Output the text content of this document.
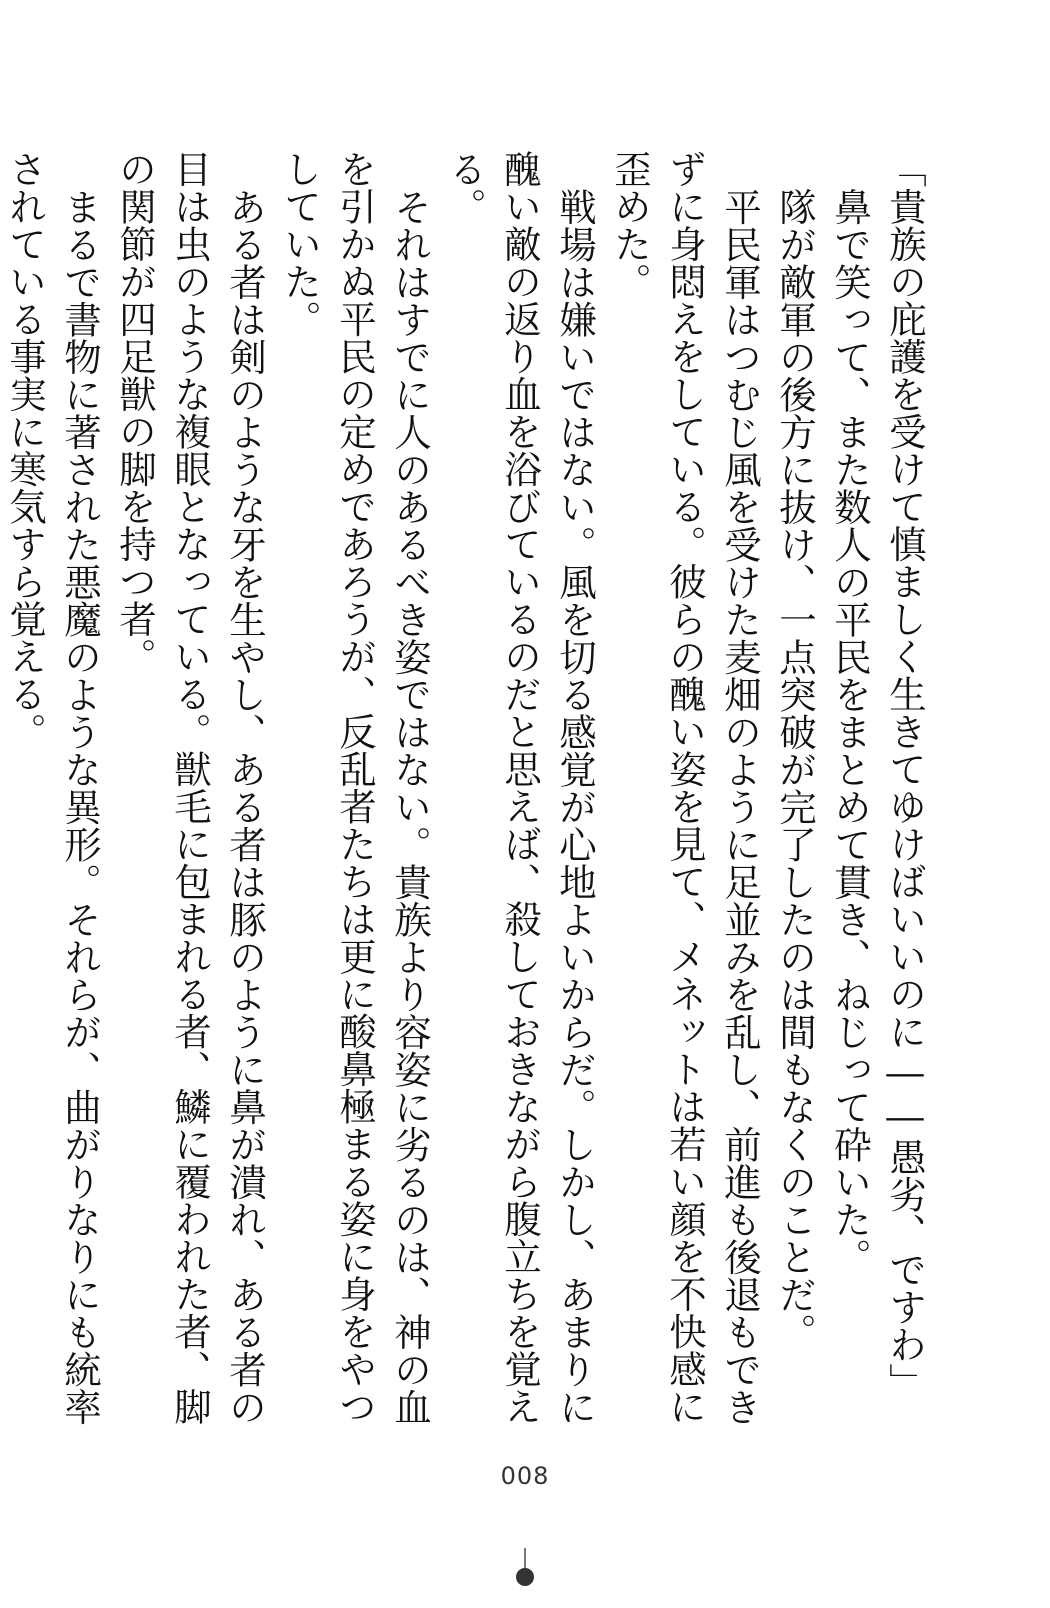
「貴族の庇護を受けて慎ましく生きてゆけばいいのに――愚劣、ですわ」

鼻で笑って、また数人の平民をまとめて貫き、ねじって砕いた。

隊が敵軍の後方に抜け、一点突破が完了したのは間もなくのことだ。

平民軍はつむじ風を受けた麦畑のように足並みを乱し、前進も後退もできずに身悶えをしている。彼らの醜い姿を見て、メネットは若い顔を不快感に歪めた。

戦場は嫌いではない。風を切る感覚が心地よいからだ。しかし、あまりに醜い敵の返り血を浴びているのだと思えば、殺しておきながら腹立ちを覚える。

それはすでに人のあるべき姿ではない。貴族より容姿に劣るのは、神の血を引かぬ平民の定めであろうが、反乱者たちは更に酸鼻極まる姿に身をやつしていた。

ある者は剣のような牙を生やし、ある者は豚のように鼻が潰れ、ある者の目は虫のような複眼となっている。獣毛に包まれる者、鱗に覆われた者、脚の関節が四足獣の脚を持つ者。

まるで書物に著された悪魔のような異形。それらが、曲がりなりにも統率されている事実に寒気すら覚える。

008
